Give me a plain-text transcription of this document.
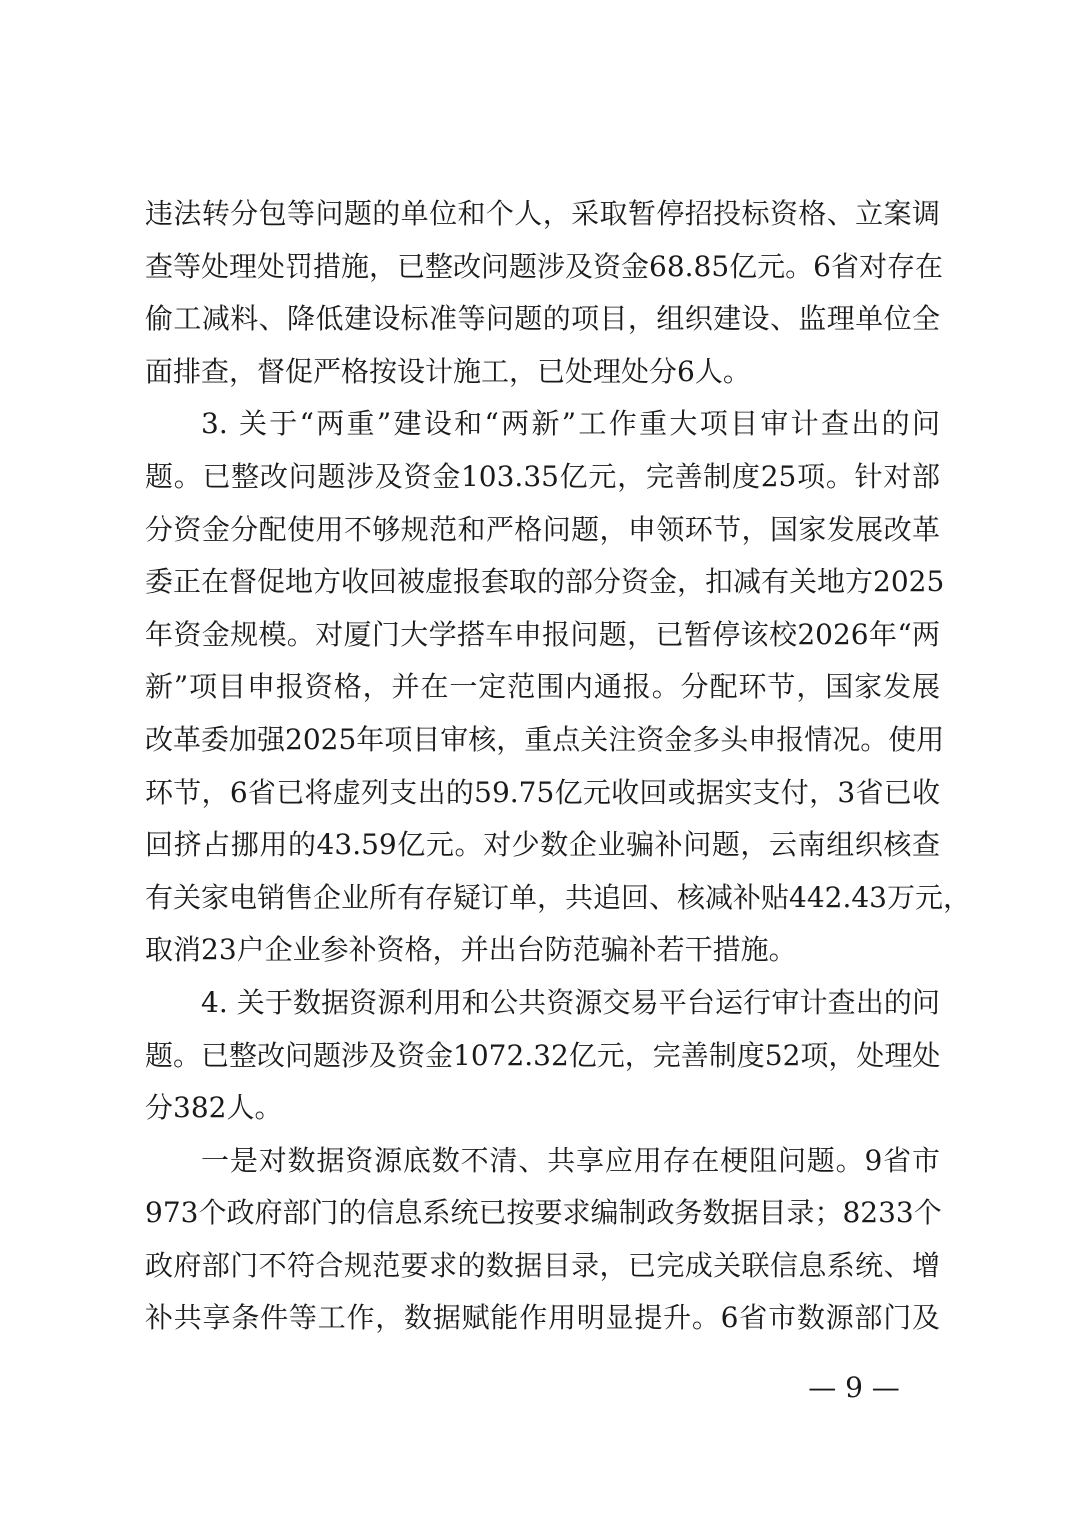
违法转分包等问题的单位和个人，采取暂停招投标资格、立案调
查等处理处罚措施，已整改问题涉及资金68.85亿元。6省对存在
偷工减料、降低建设标准等问题的项目，组织建设、监理单位全
面排查，督促严格按设计施工，已处理处分6人。
3. 关于“两重”建设和“两新”工作重大项目审计查出的问
题。已整改问题涉及资金103.35亿元，完善制度25项。针对部
分资金分配使用不够规范和严格问题，申领环节，国家发展改革
委正在督促地方收回被虚报套取的部分资金，扣减有关地方2025
年资金规模。对厦门大学搭车申报问题，已暂停该校2026年“两
新”项目申报资格，并在一定范围内通报。分配环节，国家发展
改革委加强2025年项目审核，重点关注资金多头申报情况。使用
环节，6省已将虚列支出的59.75亿元收回或据实支付，3省已收
回挤占挪用的43.59亿元。对少数企业骗补问题，云南组织核查
有关家电销售企业所有存疑订单，共追回、核减补贴442.43万元，
取消23户企业参补资格，并出台防范骗补若干措施。
4. 关于数据资源利用和公共资源交易平台运行审计查出的问
题。已整改问题涉及资金1072.32亿元，完善制度52项，处理处
分382人。
一是对数据资源底数不清、共享应用存在梗阻问题。9省市
973个政府部门的信息系统已按要求编制政务数据目录；8233个
政府部门不符合规范要求的数据目录，已完成关联信息系统、增
补共享条件等工作，数据赋能作用明显提升。6省市数源部门及
— 9 —
